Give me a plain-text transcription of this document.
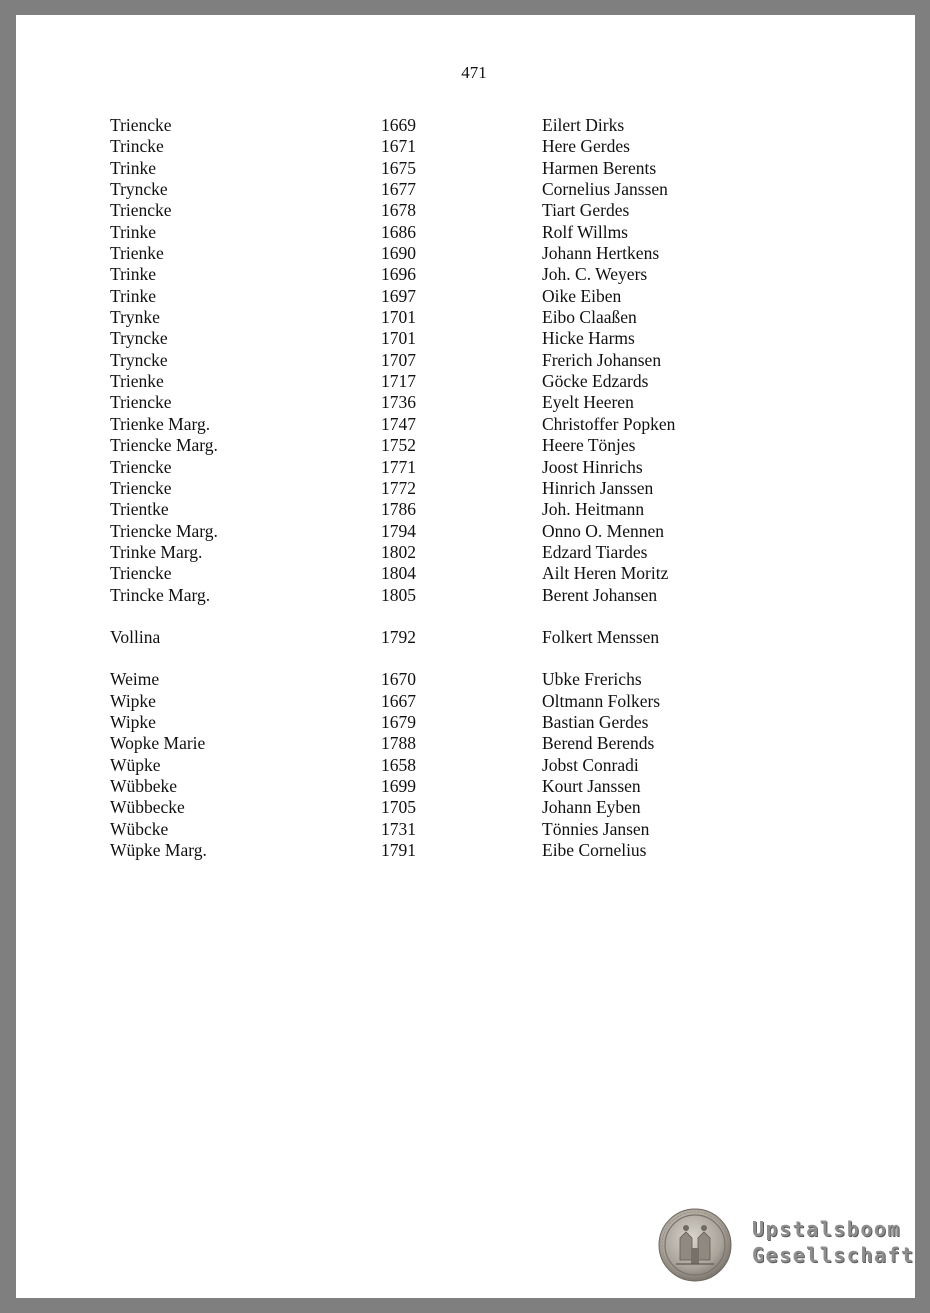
471
Triencke	1669	Eilert Dirks
Trincke	1671	Here Gerdes
Trinke	1675	Harmen Berents
Tryncke	1677	Cornelius Janssen
Triencke	1678	Tiart Gerdes
Trinke	1686	Rolf Willms
Trienke	1690	Johann Hertkens
Trinke	1696	Joh. C. Weyers
Trinke	1697	Oike Eiben
Trynke	1701	Eibo Claaßen
Tryncke	1701	Hicke Harms
Tryncke	1707	Frerich Johansen
Trienke	1717	Göcke Edzards
Triencke	1736	Eyelt Heeren
Trienke Marg.	1747	Christoffer Popken
Triencke Marg.	1752	Heere Tönjes
Triencke	1771	Joost Hinrichs
Triencke	1772	Hinrich Janssen
Trientke	1786	Joh. Heitmann
Triencke Marg.	1794	Onno O. Mennen
Trinke Marg.	1802	Edzard Tiardes
Triencke	1804	Ailt Heren Moritz
Trincke Marg.	1805	Berent Johansen
Vollina	1792	Folkert Menssen
Weime	1670	Ubke Frerichs
Wipke	1667	Oltmann Folkers
Wipke	1679	Bastian Gerdes
Wopke Marie	1788	Berend Berends
Wüpke	1658	Jobst Conradi
Wübbeke	1699	Kourt Janssen
Wübbecke	1705	Johann Eyben
Wübcke	1731	Tönnies Jansen
Wüpke Marg.	1791	Eibe Cornelius
Upstalsboom
Gesellschaft
